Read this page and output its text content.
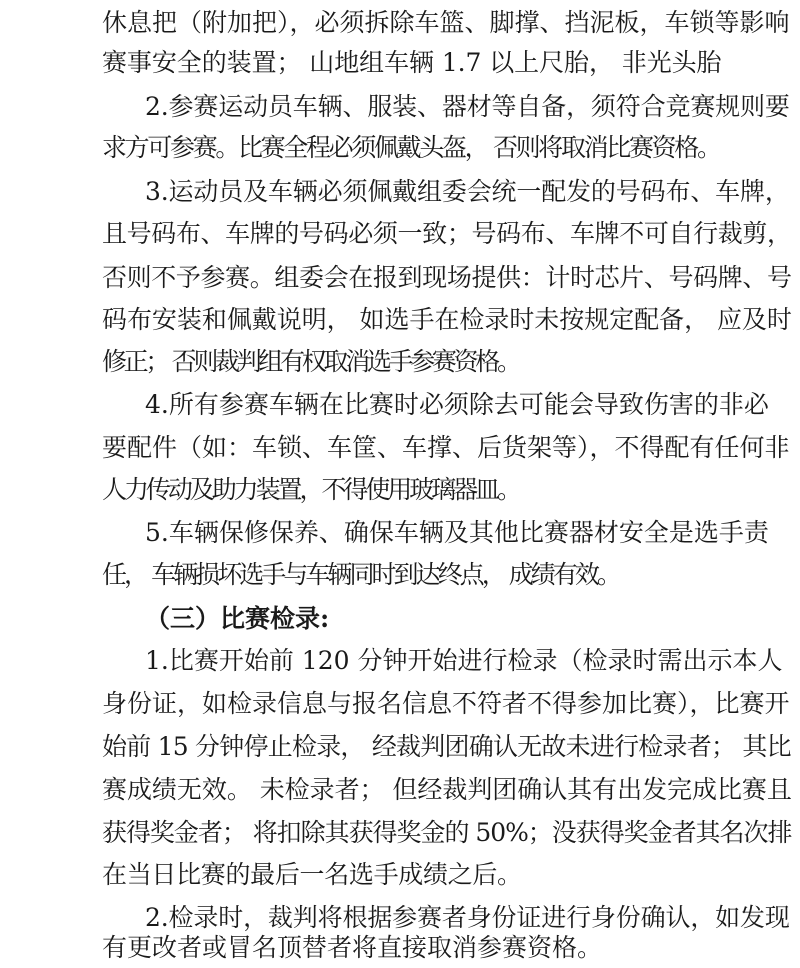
休息把（附加把），必须拆除车篮、脚撑、挡泥板，车锁等影响
赛事安全的装置； 山地组车辆 1.7 以上尺胎， 非光头胎
2.参赛运动员车辆、服装、器材等自备，须符合竞赛规则要
求方可参赛。比赛全程必须佩戴头盔， 否则将取消比赛资格。
3.运动员及车辆必须佩戴组委会统一配发的号码布、车牌，
且号码布、车牌的号码必须一致；号码布、车牌不可自行裁剪，
否则不予参赛。组委会在报到现场提供：计时芯片、号码牌、号
码布安装和佩戴说明， 如选手在检录时未按规定配备， 应及时
修正； 否则裁判组有权取消选手参赛资格。
4.所有参赛车辆在比赛时必须除去可能会导致伤害的非必
要配件（如：车锁、车筐、车撑、后货架等），不得配有任何非
人力传动及助力装置，不得使用玻璃器皿。
5.车辆保修保养、确保车辆及其他比赛器材安全是选手责
任， 车辆损坏选手与车辆同时到达终点， 成绩有效。
（三）比赛检录:
1.比赛开始前 120 分钟开始进行检录（检录时需出示本人
身份证，如检录信息与报名信息不符者不得参加比赛），比赛开
始前 15 分钟停止检录， 经裁判团确认无故未进行检录者； 其比
赛成绩无效。 未检录者； 但经裁判团确认其有出发完成比赛且
获得奖金者； 将扣除其获得奖金的 50%；没获得奖金者其名次排
在当日比赛的最后一名选手成绩之后。
2.检录时，裁判将根据参赛者身份证进行身份确认，如发现
有更改者或冒名顶替者将直接取消参赛资格。
